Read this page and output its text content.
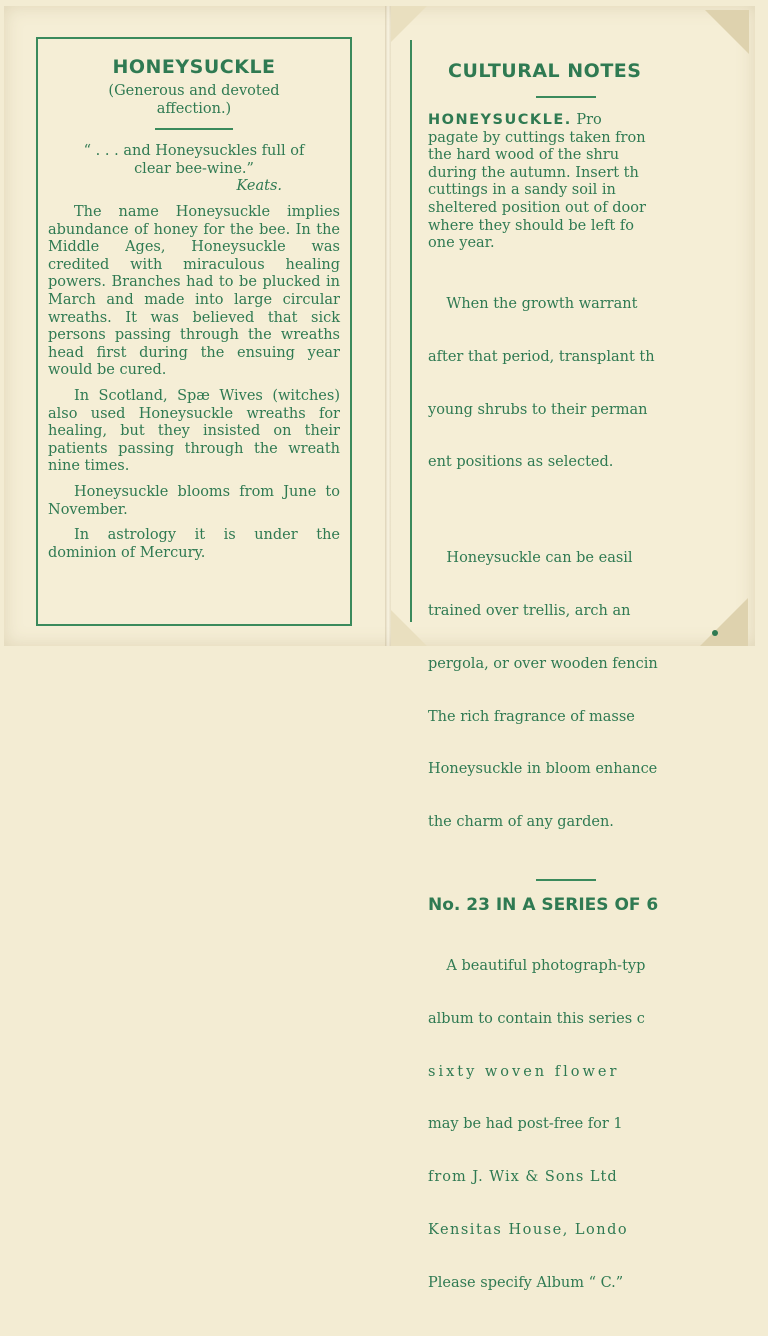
HONEYSUCKLE
(Generous and devoted
affection.)
“ . . . and Honeysuckles full of
clear bee-wine.”
Keats.

The name Honeysuckle implies abundance of honey for the bee. In the Middle Ages, Honeysuckle was credited with miraculous healing powers. Branches had to be plucked in March and made into large circular wreaths. It was believed that sick persons passing through the wreaths head first during the ensuing year would be cured.

In Scotland, Spæ Wives (witches) also used Honeysuckle wreaths for healing, but they insisted on their patients passing through the wreath nine times.

Honeysuckle blooms from June to November.

In astrology it is under the dominion of Mercury.

CULTURAL NOTES
HONEYSUCKLE. Pro
pagate by cuttings taken fron
the hard wood of the shru
during the autumn. Insert th
cuttings in a sandy soil in
sheltered position out of door
where they should be left fo
one year.

When the growth warrant

after that period, transplant th

young shrubs to their perman

ent positions as selected.

Honeysuckle can be easil

trained over trellis, arch an

pergola, or over wooden fencin

The rich fragrance of masse

Honeysuckle in bloom enhance

the charm of any garden.

No. 23 IN A SERIES OF 6

A beautiful photograph-typ

album to contain this series c

sixty woven flower

may be had post-free for 1

from J. Wix & Sons Ltd

Kensitas House, Londo

Please specify Album “ C.”
